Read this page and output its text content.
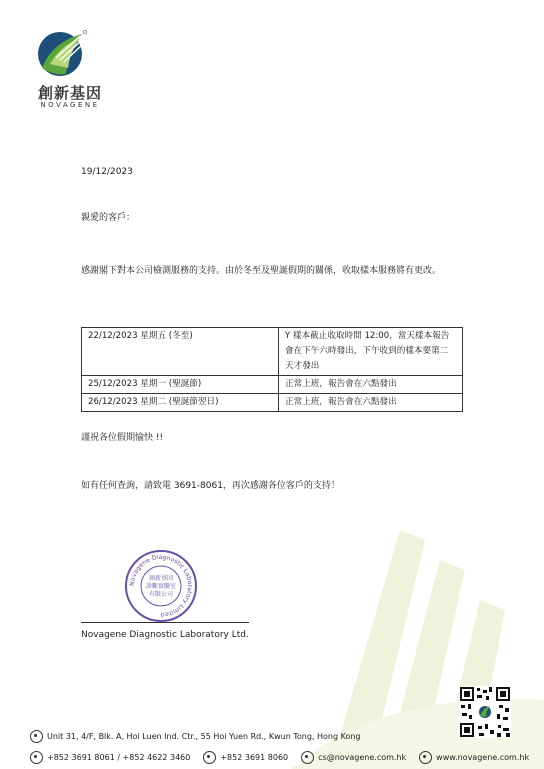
創新基因
NOVAGENE
19/12/2023
親愛的客戶：
感謝閣下對本公司檢測服務的支持。由於冬至及聖誕假期的關係，收取樣本服務將有更改。
22/12/2023 星期五 (冬至)	Y 樣本截止收取時間 12:00，當天樣本報告會在下午六時發出，下午收到的樣本要第二天才發出
25/12/2023 星期一 (聖誕節)	正常上班，報告會在六點發出
26/12/2023 星期二 (聖誕節翌日)	正常上班，報告會在六點發出
謹祝各位假期愉快 !!
如有任何查詢，請致電 3691-8061，再次感謝各位客戶的支持！
Novagene Diagnostic Laboratory Limited
創新基因
診斷實驗室
有限公司
Novagene Diagnostic Laboratory Ltd.
Unit 31, 4/F, Blk. A, Hoi Luen Ind. Ctr., 55 Hoi Yuen Rd., Kwun Tong, Hong Kong
+852 3691 8061 / +852 4622 3460	+852 3691 8060	cs@novagene.com.hk	www.novagene.com.hk
